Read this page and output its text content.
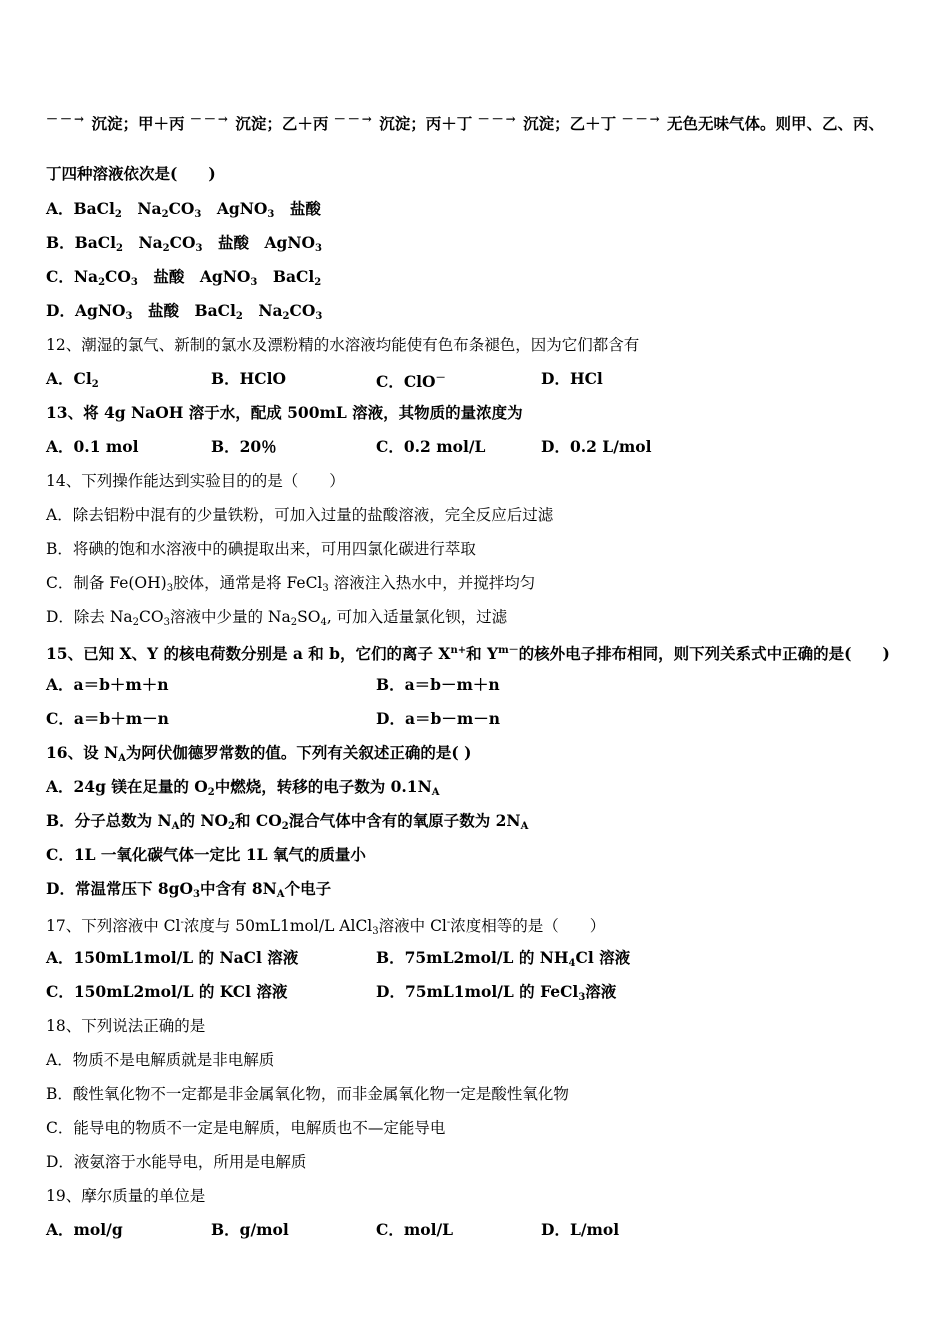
－－→ 沉淀；甲＋丙 －－→ 沉淀；乙＋丙 －－→ 沉淀；丙＋丁 －－→ 沉淀；乙＋丁 －－→ 无色无味气体。则甲、乙、丙、
丁四种溶液依次是(　　)
A．BaCl$_2$　$Na_2CO_3$　AgNO$_3$　盐酸
B．BaCl$_2$　$Na_2CO_3$　盐酸　AgNO$_3$
C．$Na_2CO_3$　盐酸　AgNO$_3$　BaCl$_2$
D．AgNO$_3$　盐酸　BaCl$_2$　$Na_2CO_3$
12、潮湿的氯气、新制的氯水及漂粉精的水溶液均能使有色布条褪色，因为它们都含有
A．$Cl_2$	B．HClO	C．ClO－	D．HCl
13、将 4g NaOH 溶于水，配成 500mL 溶液，其物质的量浓度为
A．0.1 mol	B．20％	C．0.2 mol/L	D．0.2 L/mol
14、下列操作能达到实验目的的是（　　）
A．除去铝粉中混有的少量铁粉，可加入过量的盐酸溶液，完全反应后过滤
B．将碘的饱和水溶液中的碘提取出来，可用四氯化碳进行萃取
C．制备 $Fe(OH)_3$胶体，通常是将 FeCl$_3$ 溶液注入热水中，并搅拌均匀
D．除去 $Na_2CO_3$溶液中少量的 $Na_2SO_4$, 可加入适量氯化钡，过滤
15、已知 X、Y 的核电荷数分别是 a 和 b，它们的离子 $X^{n+}$和 $Y^{m-}$的核外电子排布相同，则下列关系式中正确的是(　　)
A．a＝b＋m＋n	B．a＝b－m＋n
C．a＝b＋m－n	D．a＝b－m－n
16、设 $N_A$为阿伏伽德罗常数的值。下列有关叙述正确的是( )
A．24g 镁在足量的 $O_2$中燃烧，转移的电子数为 $0.1N_A$
B．分子总数为 $N_A$的 $NO_2$和 $CO_2$混合气体中含有的氧原子数为 $2N_A$
C．1L 一氧化碳气体一定比 1L 氧气的质量小
D．常温常压下 $8gO_3$中含有 $8N_A$个电子
17、下列溶液中 Cl-浓度与 50mL1mol/L AlCl$_3$溶液中 Cl-浓度相等的是（　　）
A．150mL1mol/L 的 NaCl 溶液	B．75mL2mol/L 的 $NH_4Cl$ 溶液
C．150mL2mol/L 的 KCl 溶液	D．75mL1mol/L 的 FeCl$_3$溶液
18、下列说法正确的是
A．物质不是电解质就是非电解质
B．酸性氧化物不一定都是非金属氧化物，而非金属氧化物一定是酸性氧化物
C．能导电的物质不一定是电解质，电解质也不—定能导电
D．液氨溶于水能导电，所用是电解质
19、摩尔质量的单位是
A．mol/g	B．g/mol	C．mol/L	D．L/mol
